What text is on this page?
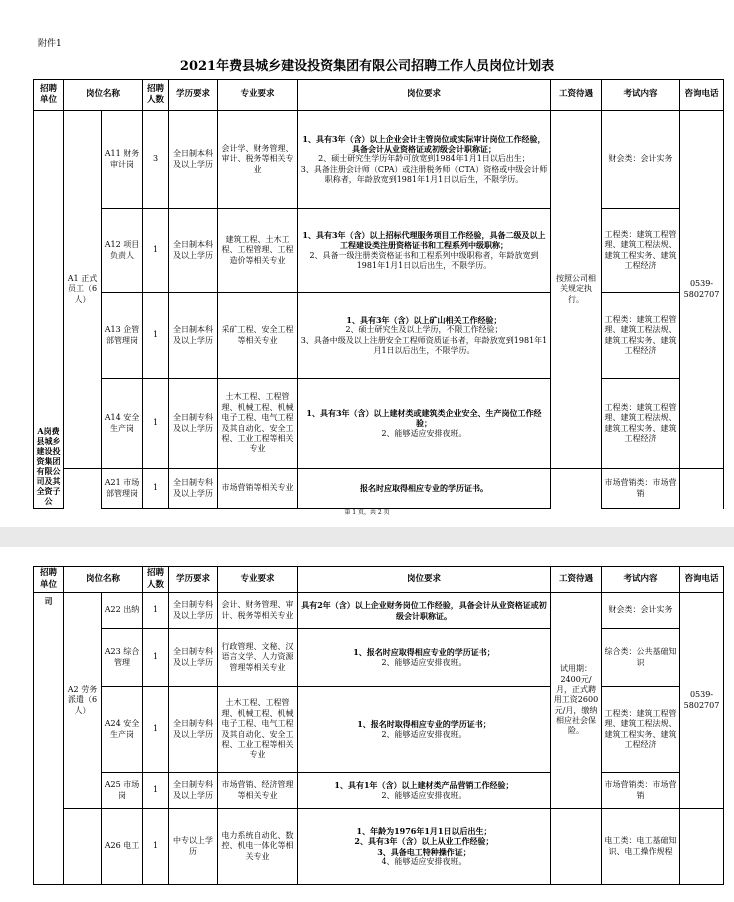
附件1
2021年费县城乡建设投资集团有限公司招聘工作人员岗位计划表
招聘单位	岗位名称		招聘人数	学历要求	专业要求	岗位要求	工资待遇	考试内容	咨询电话
A岗费县城乡建设投资集团有限公司及其全资子公	A1 正式员工（6人）	A11 财务审计岗	3	全日制本科及以上学历	会计学、财务管理、审计、税务等相关专业	1、具有3年（含）以上企业会计主管岗位或实际审计岗位工作经验，具备会计从业资格证或初级会计职称证；
2、硕士研究生学历年龄可放宽到1984年1月1日以后出生；
3、具备注册会计师（CPA）或注册税务师（CTA）资格或中级会计师职称者，年龄放宽到1981年1月1日以后生，不限学历。	按照公司相关规定执行。	财会类：会计实务	0539-5802707
		A12 项目负责人	1	全日制本科及以上学历	建筑工程、土木工程、工程管理、工程造价等相关专业	1、具有3年（含）以上招标代理服务项目工作经验，具备二级及以上工程建设类注册资格证书和工程系列中级职称；
2、具备一级注册类资格证书和工程系列中级职称者，年龄放宽到1981年1月1日以后出生，不限学历。		工程类：建筑工程管理、建筑工程法规、建筑工程实务、建筑工程经济	
		A13 企管部管理岗	1	全日制本科及以上学历	采矿工程、安全工程等相关专业	1、具有3年（含）以上矿山相关工作经验；
2、硕士研究生及以上学历，不限工作经验；
3、具备中级及以上注册安全工程师资质证书者，年龄放宽到1981年1月1日以后出生，不限学历。		工程类：建筑工程管理、建筑工程法规、建筑工程实务、建筑工程经济	
		A14 安全生产岗	1	全日制专科及以上学历	土木工程、工程管理、机械工程、机械电子工程、电气工程及其自动化、安全工程、工业工程等相关专业	1、具有3年（含）以上建材类或建筑类企业安全、生产岗位工作经验；
2、能够适应安排夜班。		工程类：建筑工程管理、建筑工程法规、建筑工程实务、建筑工程经济	
		A21 市场部管理岗	1	全日制专科及以上学历	市场营销等相关专业	报名时应取得相应专业的学历证书。		市场营销类：市场营销	
第 1 页，共 2 页
招聘单位	岗位名称		招聘人数	学历要求	专业要求	岗位要求	工资待遇	考试内容	咨询电话
司	A2 劳务派遣（6人）	A22 出纳	1	全日制专科及以上学历	会计、财务管理、审计、税务等相关专业	具有2年（含）以上企业财务岗位工作经验，具备会计从业资格证或初级会计职称证。	试用期：2400元/月，正式聘用工资2600元/月，缴纳相应社会保险。	财会类：会计实务	0539-5802707
		A23 综合管理	1	全日制专科及以上学历	行政管理、文秘、汉语言文学、人力资源管理等相关专业	1、报名时应取得相应专业的学历证书；
2、能够适应安排夜班。		综合类：公共基础知识	
		A24 安全生产岗	1	全日制专科及以上学历	土木工程、工程管理、机械工程、机械电子工程、电气工程及其自动化、安全工程、工业工程等相关专业	1、报名时取得相应专业的学历证书；
2、能够适应安排夜班。		工程类：建筑工程管理、建筑工程法规、建筑工程实务、建筑工程经济	
		A25 市场岗	1	全日制专科及以上学历	市场营销、经济管理等相关专业	1、具有1年（含）以上建材类产品营销工作经验；
2、能够适应安排夜班。		市场营销类：市场营销	
		A26 电工	1	中专以上学历	电力系统自动化、数控、机电一体化等相关专业	1、年龄为1976年1月1日以后出生；
2、具有3年（含）以上从业工作经验；
3、具备电工特种操作证；
4、能够适应安排夜班。		电工类：电工基础知识、电工操作规程	
